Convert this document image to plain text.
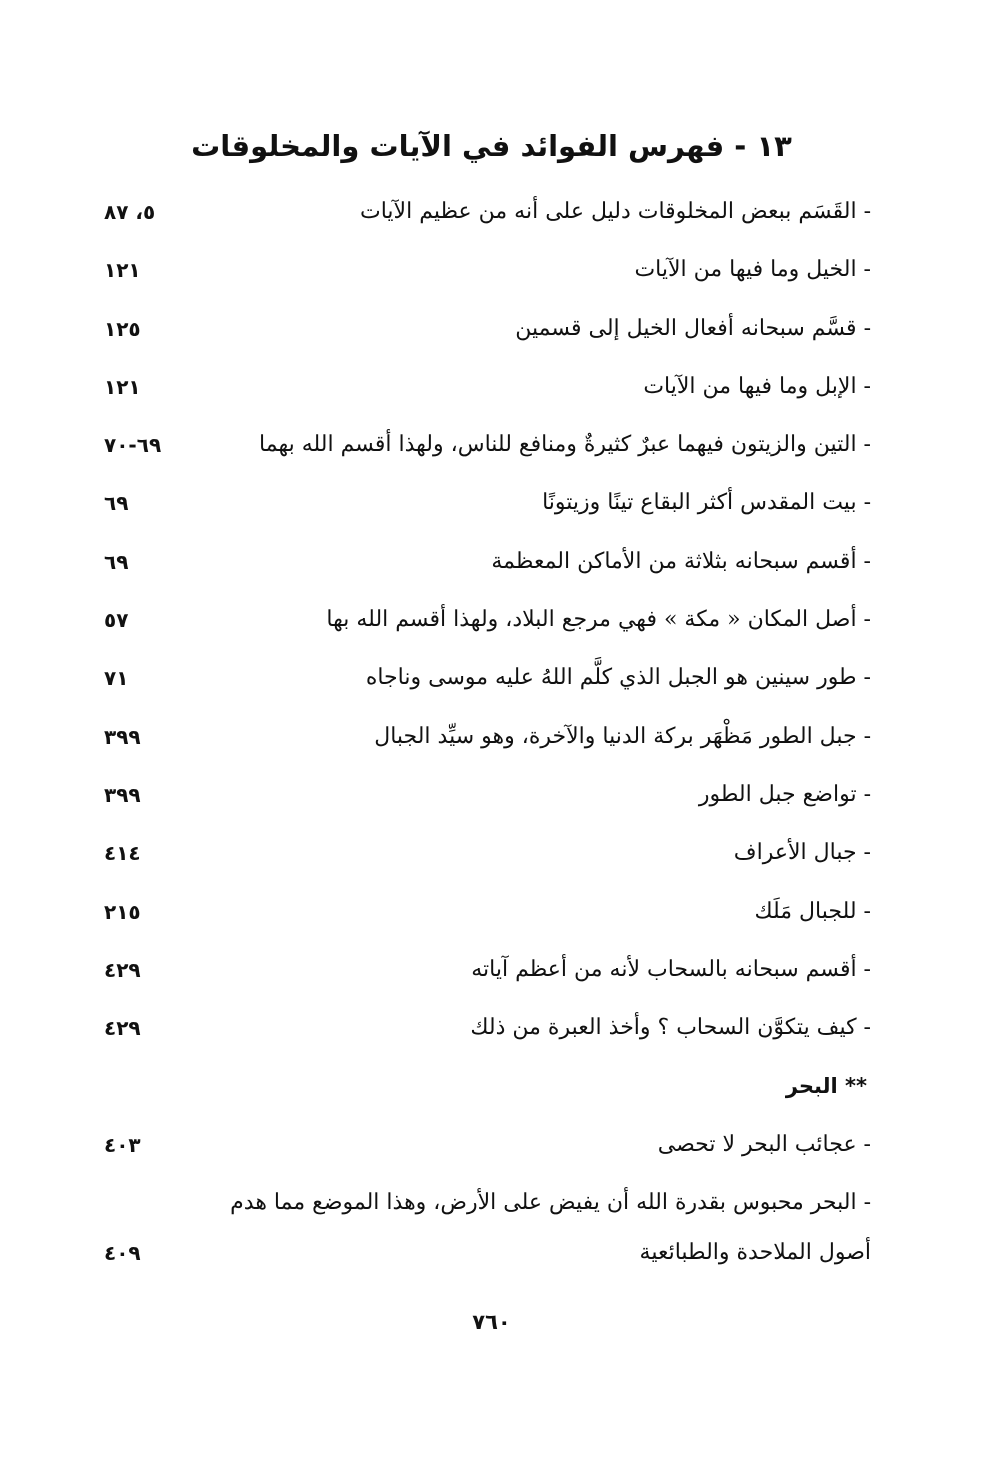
١٣ - فهرس الفوائد في الآيات والمخلوقات
- القَسَم ببعض المخلوقات دليل على أنه من عظيم الآيات
٥، ٨٧
- الخيل وما فيها من الآيات
١٢١
- قسَّم سبحانه أفعال الخيل إلى قسمين
١٢٥
- الإبل وما فيها من الآيات
١٢١
- التين والزيتون فيهما عبرٌ كثيرةٌ ومنافع للناس، ولهذا أقسم الله بهما
٦٩-٧٠
- بيت المقدس أكثر البقاع تينًا وزيتونًا
٦٩
- أقسم سبحانه بثلاثة من الأماكن المعظمة
٦٩
- أصل المكان « مكة » فهي مرجع البلاد، ولهذا أقسم الله بها
٥٧
- طور سينين هو الجبل الذي كلَّم اللهُ عليه موسى وناجاه
٧١
- جبل الطور مَظْهَر بركة الدنيا والآخرة، وهو سيِّد الجبال
٣٩٩
- تواضع جبل الطور
٣٩٩
- جبال الأعراف
٤١٤
- للجبال مَلَك
٢١٥
- أقسم سبحانه بالسحاب لأنه من أعظم آياته
٤٢٩
- كيف يتكوَّن السحاب ؟ وأخذ العبرة من ذلك
٤٢٩
** البحر
- عجائب البحر لا تحصى
٤٠٣
- البحر محبوس بقدرة الله أن يفيض على الأرض، وهذا الموضع مما هدم
أصول الملاحدة والطبائعية
٤٠٩
٧٦٠
